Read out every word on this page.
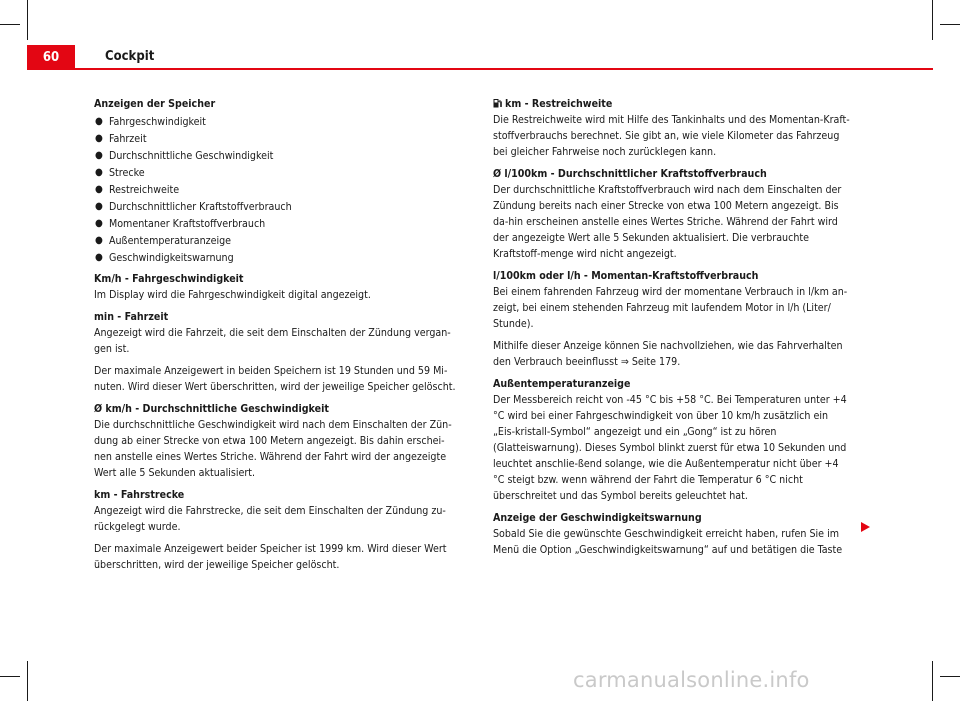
60	Cockpit

Anzeigen der Speicher

● Fahrgeschwindigkeit
● Fahrzeit
● Durchschnittliche Geschwindigkeit
● Strecke
● Restreichweite
● Durchschnittlicher Kraftstoffverbrauch
● Momentaner Kraftstoffverbrauch
● Außentemperaturanzeige
● Geschwindigkeitswarnung

Km/h - Fahrgeschwindigkeit

Im Display wird die Fahrgeschwindigkeit digital angezeigt.

min - Fahrzeit

Angezeigt wird die Fahrzeit, die seit dem Einschalten der Zündung vergan-gen ist.

Der maximale Anzeigewert in beiden Speichern ist 19 Stunden und 59 Mi-nuten. Wird dieser Wert überschritten, wird der jeweilige Speicher gelöscht.

Ø km/h - Durchschnittliche Geschwindigkeit

Die durchschnittliche Geschwindigkeit wird nach dem Einschalten der Zün-dung ab einer Strecke von etwa 100 Metern angezeigt. Bis dahin erschei-nen anstelle eines Wertes Striche. Während der Fahrt wird der angezeigte Wert alle 5 Sekunden aktualisiert.

km - Fahrstrecke

Angezeigt wird die Fahrstrecke, die seit dem Einschalten der Zündung zu-rückgelegt wurde.

Der maximale Anzeigewert beider Speicher ist 1999 km. Wird dieser Wert überschritten, wird der jeweilige Speicher gelöscht.

km - Restreichweite

Die Restreichweite wird mit Hilfe des Tankinhalts und des Momentan-Kraft-stoffverbrauchs berechnet. Sie gibt an, wie viele Kilometer das Fahrzeug bei gleicher Fahrweise noch zurücklegen kann.

Ø l/100km - Durchschnittlicher Kraftstoffverbrauch

Der durchschnittliche Kraftstoffverbrauch wird nach dem Einschalten der Zündung bereits nach einer Strecke von etwa 100 Metern angezeigt. Bis da-hin erscheinen anstelle eines Wertes Striche. Während der Fahrt wird der angezeigte Wert alle 5 Sekunden aktualisiert. Die verbrauchte Kraftstoff-menge wird nicht angezeigt.

l/100km oder l/h - Momentan-Kraftstoffverbrauch

Bei einem fahrenden Fahrzeug wird der momentane Verbrauch in l/km an-zeigt, bei einem stehenden Fahrzeug mit laufendem Motor in l/h (Liter/ Stunde).

Mithilfe dieser Anzeige können Sie nachvollziehen, wie das Fahrverhalten den Verbrauch beeinflusst ⇒ Seite 179.

Außentemperaturanzeige

Der Messbereich reicht von -45 °C bis +58 °C. Bei Temperaturen unter +4 °C wird bei einer Fahrgeschwindigkeit von über 10 km/h zusätzlich ein „Eis-kristall-Symbol“ angezeigt und ein „Gong“ ist zu hören (Glatteiswarnung). Dieses Symbol blinkt zuerst für etwa 10 Sekunden und leuchtet anschlie-ßend solange, wie die Außentemperatur nicht über +4 °C steigt bzw. wenn während der Fahrt die Temperatur 6 °C nicht überschreitet und das Symbol bereits geleuchtet hat.

Anzeige der Geschwindigkeitswarnung

Sobald Sie die gewünschte Geschwindigkeit erreicht haben, rufen Sie im Menü die Option „Geschwindigkeitswarnung“ auf und betätigen die Taste

carmanualsonline.info
